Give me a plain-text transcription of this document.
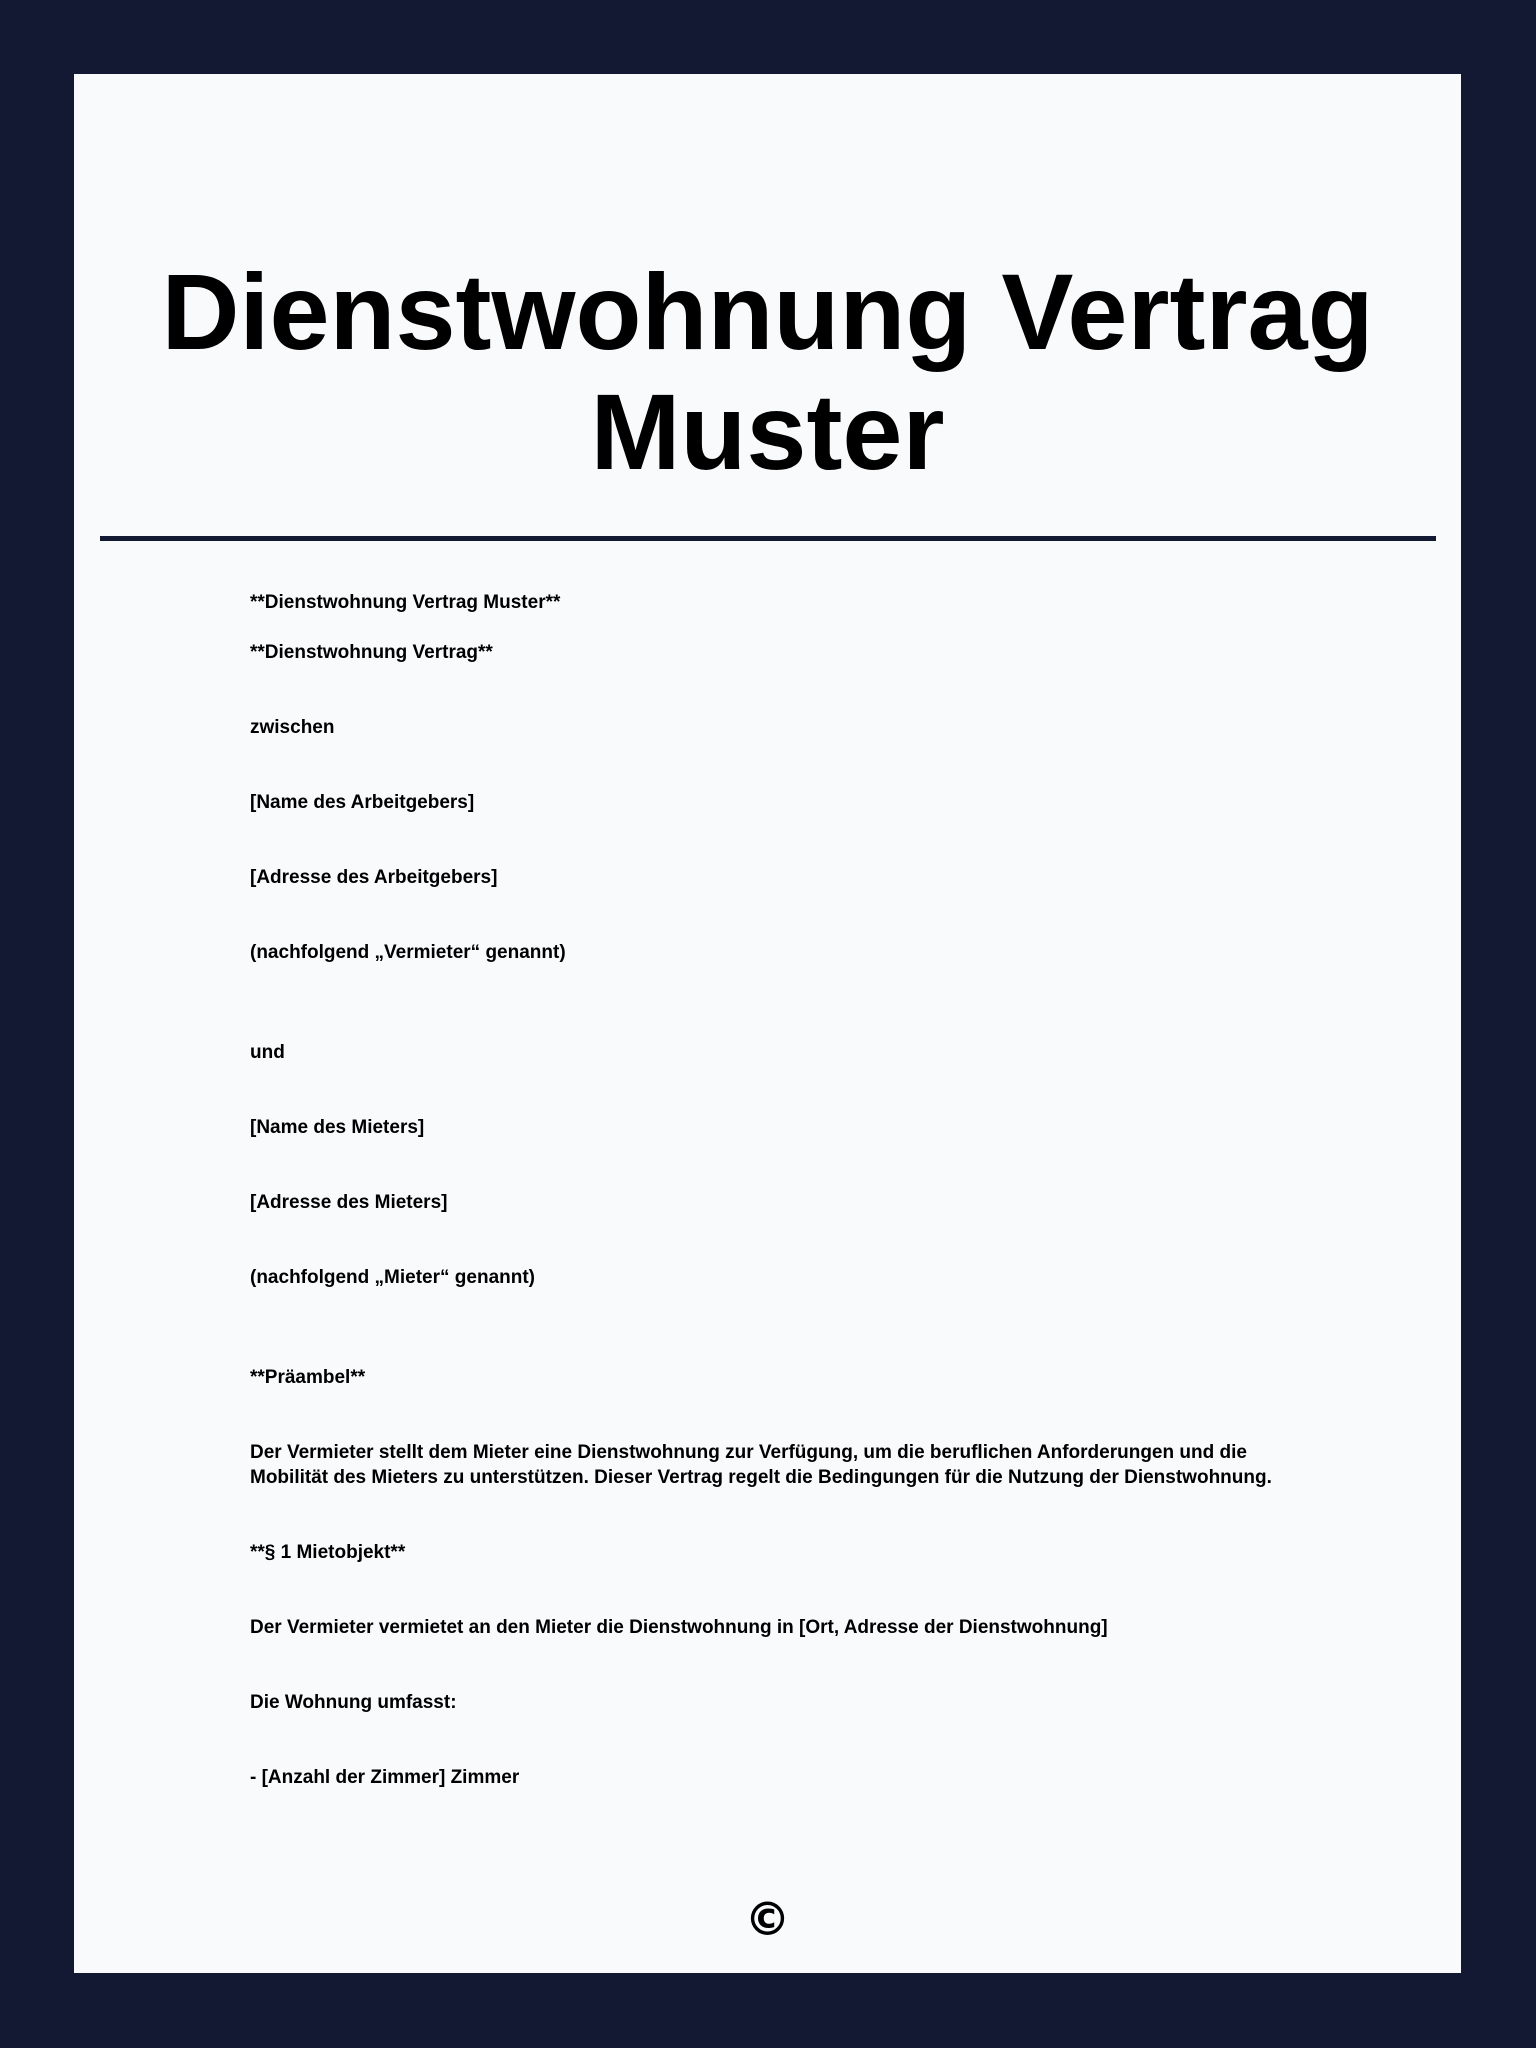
Dienstwohnung Vertrag Muster

**Dienstwohnung Vertrag Muster**

**Dienstwohnung Vertrag**

zwischen

[Name des Arbeitgebers]

[Adresse des Arbeitgebers]

(nachfolgend „Vermieter“ genannt)

und

[Name des Mieters]

[Adresse des Mieters]

(nachfolgend „Mieter“ genannt)

**Präambel**

Der Vermieter stellt dem Mieter eine Dienstwohnung zur Verfügung, um die beruflichen Anforderungen und die Mobilität des Mieters zu unterstützen. Dieser Vertrag regelt die Bedingungen für die Nutzung der Dienstwohnung.

**§ 1 Mietobjekt**

Der Vermieter vermietet an den Mieter die Dienstwohnung in [Ort, Adresse der Dienstwohnung]

Die Wohnung umfasst:

- [Anzahl der Zimmer] Zimmer

©
